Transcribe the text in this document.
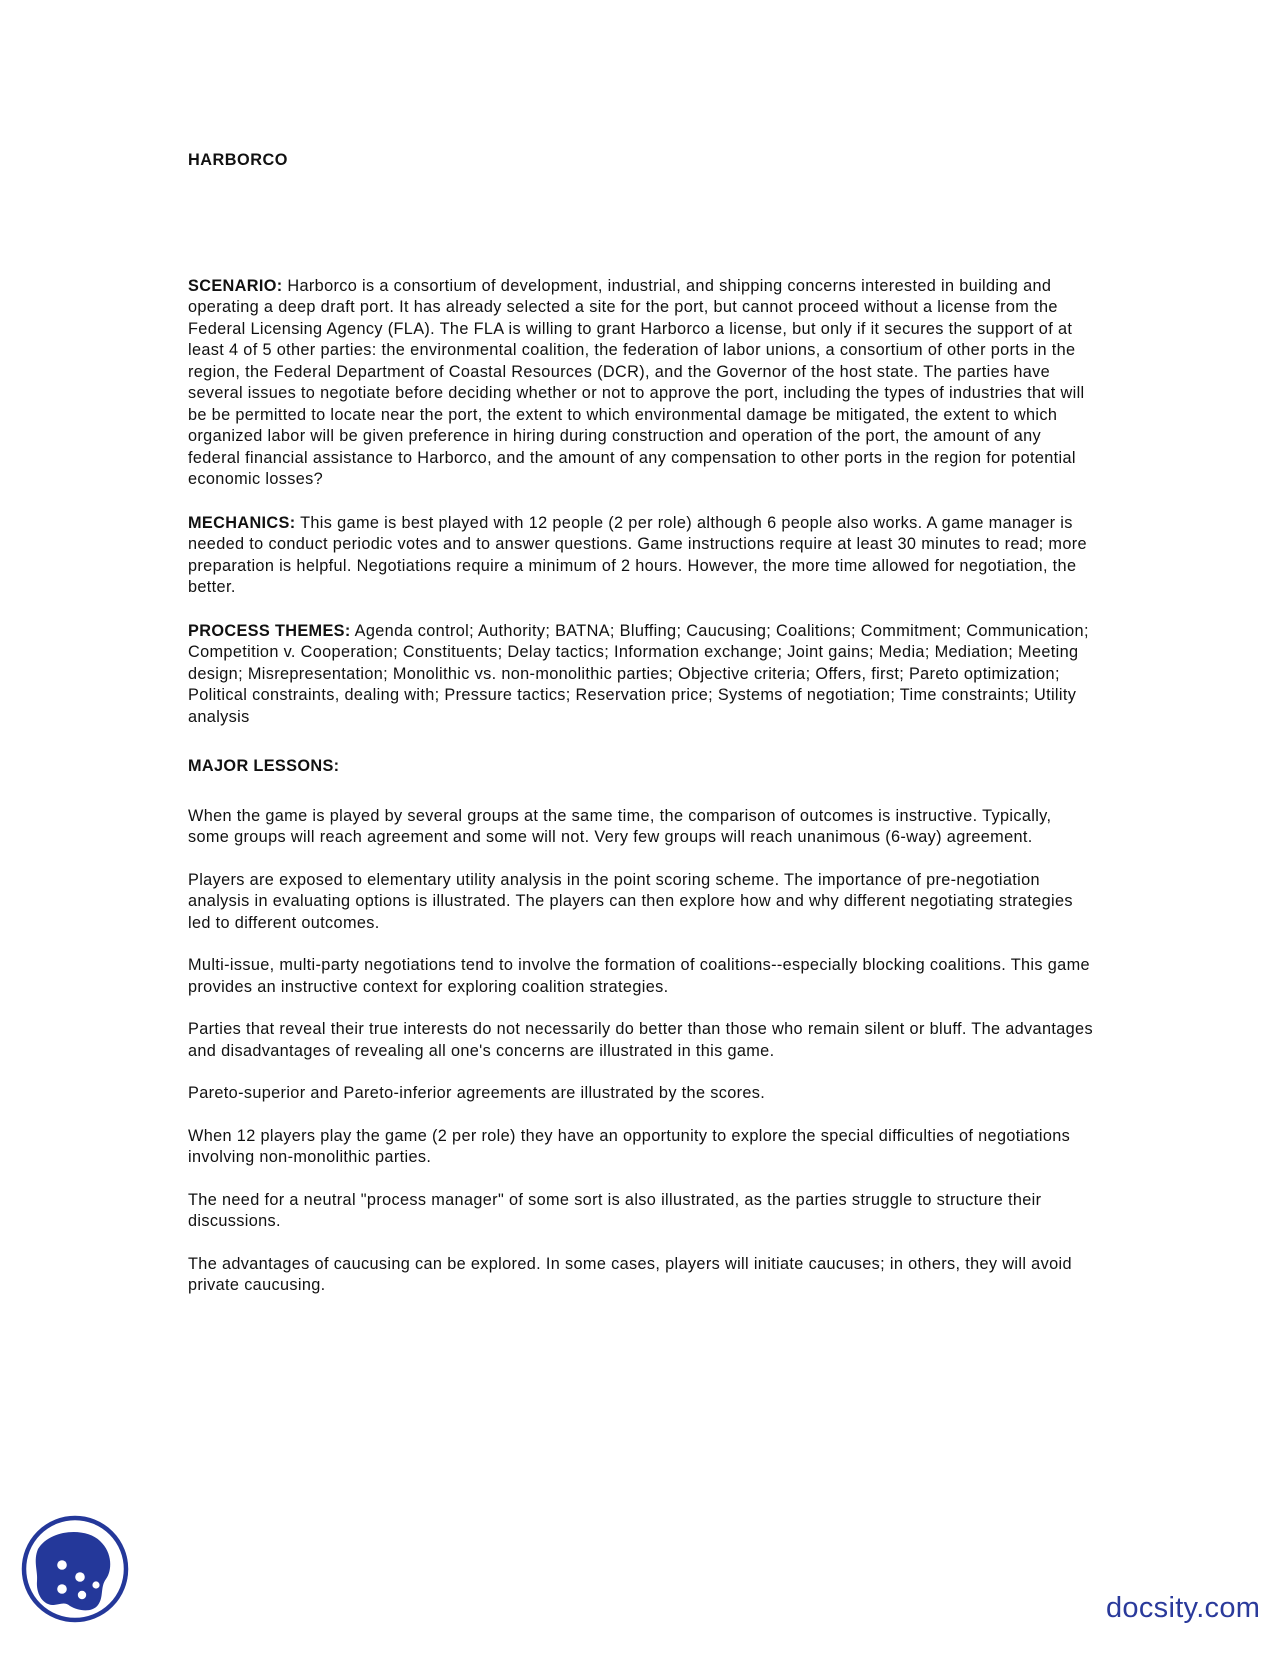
HARBORCO

SCENARIO: Harborco is a consortium of development, industrial, and shipping concerns interested in building and operating a deep draft port. It has already selected a site for the port, but cannot proceed without a license from the Federal Licensing Agency (FLA). The FLA is willing to grant Harborco a license, but only if it secures the support of at least 4 of 5 other parties: the environmental coalition, the federation of labor unions, a consortium of other ports in the region, the Federal Department of Coastal Resources (DCR), and the Governor of the host state. The parties have several issues to negotiate before deciding whether or not to approve the port, including the types of industries that will be be permitted to locate near the port, the extent to which environmental damage be mitigated, the extent to which organized labor will be given preference in hiring during construction and operation of the port, the amount of any federal financial assistance to Harborco, and the amount of any compensation to other ports in the region for potential economic losses?

MECHANICS: This game is best played with 12 people (2 per role) although 6 people also works. A game manager is needed to conduct periodic votes and to answer questions. Game instructions require at least 30 minutes to read; more preparation is helpful. Negotiations require a minimum of 2 hours. However, the more time allowed for negotiation, the better.

PROCESS THEMES: Agenda control; Authority; BATNA; Bluffing; Caucusing; Coalitions; Commitment; Communication; Competition v. Cooperation; Constituents; Delay tactics; Information exchange; Joint gains; Media; Mediation; Meeting design; Misrepresentation; Monolithic vs. non-monolithic parties; Objective criteria; Offers, first; Pareto optimization; Political constraints, dealing with; Pressure tactics; Reservation price; Systems of negotiation; Time constraints; Utility analysis

MAJOR LESSONS:

When the game is played by several groups at the same time, the comparison of outcomes is instructive. Typically, some groups will reach agreement and some will not. Very few groups will reach unanimous (6-way) agreement.

Players are exposed to elementary utility analysis in the point scoring scheme. The importance of pre-negotiation analysis in evaluating options is illustrated. The players can then explore how and why different negotiating strategies led to different outcomes.

Multi-issue, multi-party negotiations tend to involve the formation of coalitions--especially blocking coalitions. This game provides an instructive context for exploring coalition strategies.

Parties that reveal their true interests do not necessarily do better than those who remain silent or bluff. The advantages and disadvantages of revealing all one's concerns are illustrated in this game.

Pareto-superior and Pareto-inferior agreements are illustrated by the scores.

When 12 players play the game (2 per role) they have an opportunity to explore the special difficulties of negotiations involving non-monolithic parties.

The need for a neutral "process manager" of some sort is also illustrated, as the parties struggle to structure their discussions.

The advantages of caucusing can be explored. In some cases, players will initiate caucuses; in others, they will avoid private caucusing.

docsity.com
